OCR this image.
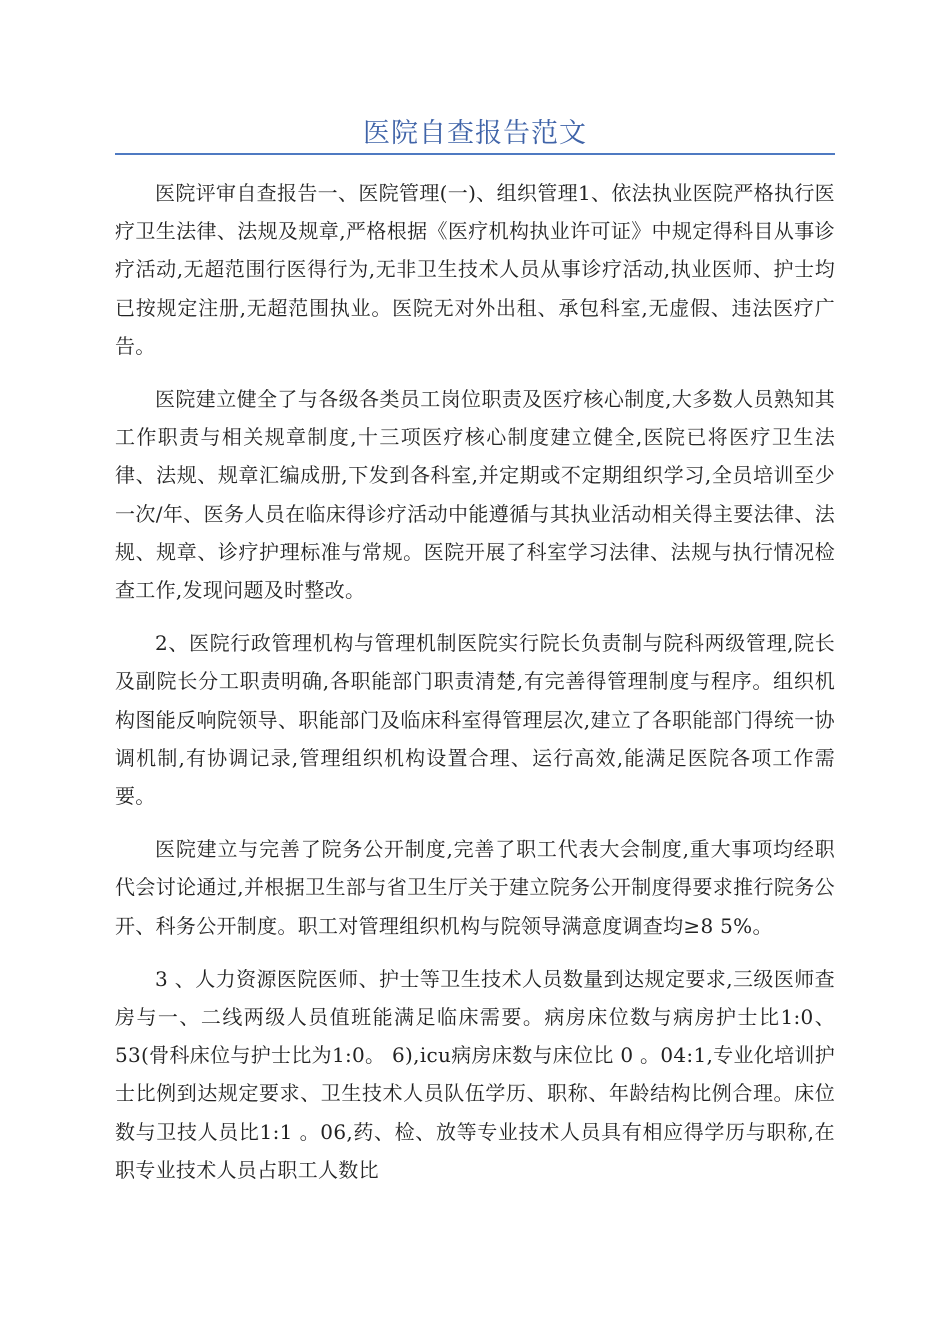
医院自查报告范文

医院评审自查报告一、医院管理(一)、组织管理1、依法执业医院严格执行医疗卫生法律、法规及规章,严格根据《医疗机构执业许可证》中规定得科目从事诊疗活动,无超范围行医得行为,无非卫生技术人员从事诊疗活动,执业医师、护士均已按规定注册,无超范围执业。医院无对外出租、承包科室,无虚假、违法医疗广告。

医院建立健全了与各级各类员工岗位职责及医疗核心制度,大多数人员熟知其工作职责与相关规章制度,十三项医疗核心制度建立健全,医院已将医疗卫生法律、法规、规章汇编成册,下发到各科室,并定期或不定期组织学习,全员培训至少一次/年、医务人员在临床得诊疗活动中能遵循与其执业活动相关得主要法律、法规、规章、诊疗护理标准与常规。医院开展了科室学习法律、法规与执行情况检查工作,发现问题及时整改。

2、医院行政管理机构与管理机制医院实行院长负责制与院科两级管理,院长及副院长分工职责明确,各职能部门职责清楚,有完善得管理制度与程序。组织机构图能反响院领导、职能部门及临床科室得管理层次,建立了各职能部门得统一协调机制,有协调记录,管理组织机构设置合理、运行高效,能满足医院各项工作需要。

医院建立与完善了院务公开制度,完善了职工代表大会制度,重大事项均经职代会讨论通过,并根据卫生部与省卫生厅关于建立院务公开制度得要求推行院务公开、科务公开制度。职工对管理组织机构与院领导满意度调查均≥8 5%。

3 、人力资源医院医师、护士等卫生技术人员数量到达规定要求,三级医师查房与一、二线两级人员值班能满足临床需要。病房床位数与病房护士比1:0、53(骨科床位与护士比为1:0。 6),icu病房床数与床位比 0 。04:1,专业化培训护士比例到达规定要求、卫生技术人员队伍学历、职称、年龄结构比例合理。床位数与卫技人员比1:1 。06,药、检、放等专业技术人员具有相应得学历与职称,在职专业技术人员占职工人数比
